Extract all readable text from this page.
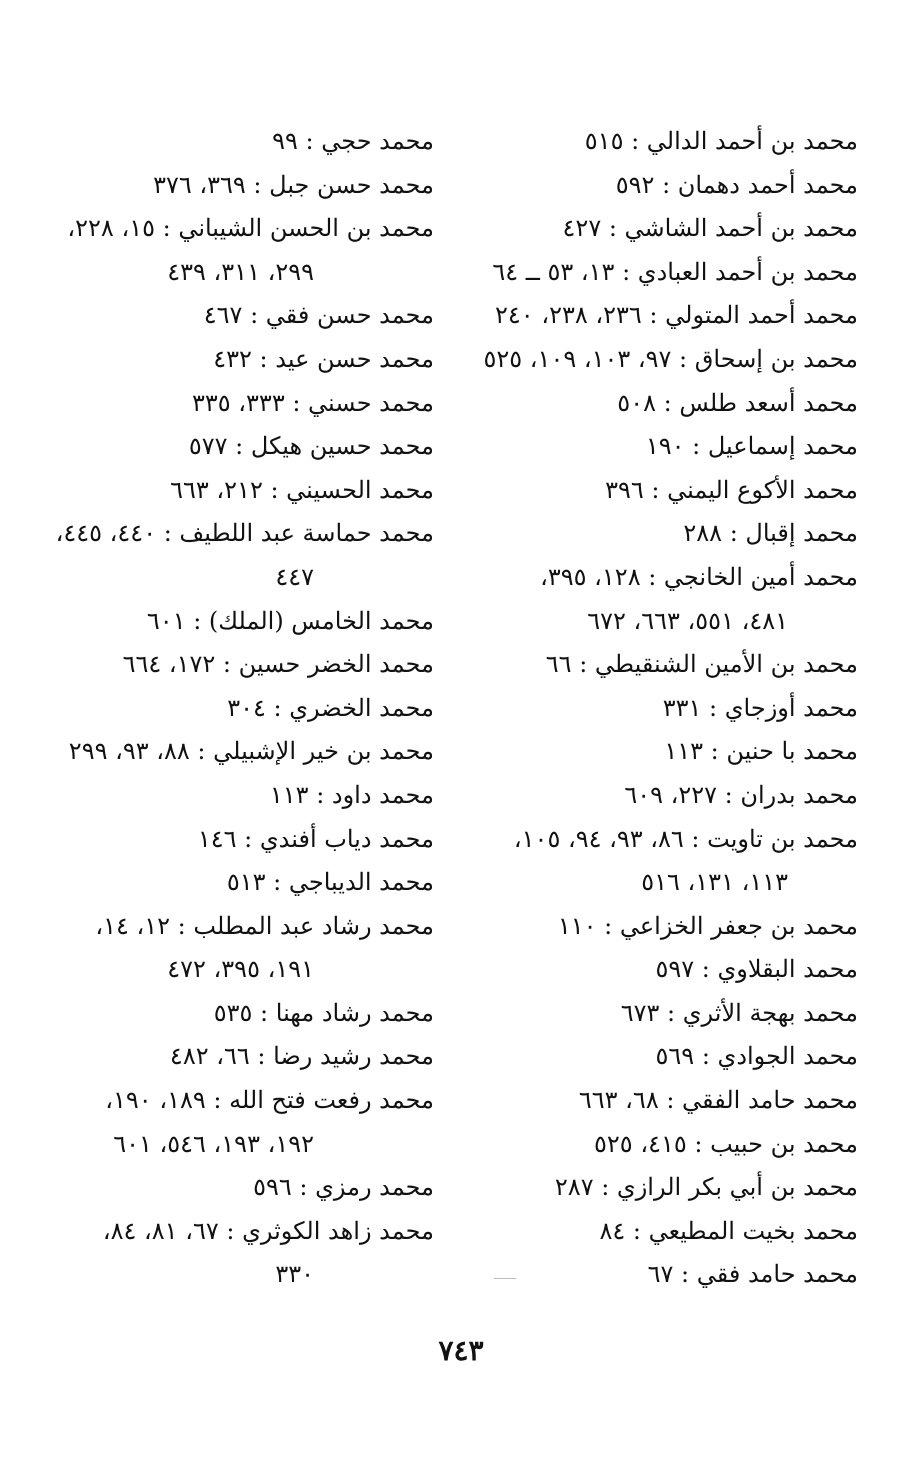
محمد بن أحمد الدالي : ٥١٥
محمد أحمد دهمان : ٥٩٢
محمد بن أحمد الشاشي : ٤٢٧
محمد بن أحمد العبادي : ١٣، ٥٣ ــ ٦٤
محمد أحمد المتولي : ٢٣٦، ٢٣٨، ٢٤٠
محمد بن إسحاق : ٩٧، ١٠٣، ١٠٩، ٥٢٥
محمد أسعد طلس : ٥٠٨
محمد إسماعيل : ١٩٠
محمد الأكوع اليمني : ٣٩٦
محمد إقبال : ٢٨٨
محمد أمين الخانجي : ١٢٨، ٣٩٥،
٤٨١، ٥٥١، ٦٦٣، ٦٧٢
محمد بن الأمين الشنقيطي : ٦٦
محمد أوزجاي : ٣٣١
محمد با حنين : ١١٣
محمد بدران : ٢٢٧، ٦٠٩
محمد بن تاويت : ٨٦، ٩٣، ٩٤، ١٠٥،
١١٣، ١٣١، ٥١٦
محمد بن جعفر الخزاعي : ١١٠
محمد البقلاوي : ٥٩٧
محمد بهجة الأثري : ٦٧٣
محمد الجوادي : ٥٦٩
محمد حامد الفقي : ٦٨، ٦٦٣
محمد بن حبيب : ٤١٥، ٥٢٥
محمد بن أبي بكر الرازي : ٢٨٧
محمد بخيت المطيعي : ٨٤
محمد حامد فقي : ٦٧
محمد حجي : ٩٩
محمد حسن جبل : ٣٦٩، ٣٧٦
محمد بن الحسن الشيباني : ١٥، ٢٢٨،
٢٩٩، ٣١١، ٤٣٩
محمد حسن فقي : ٤٦٧
محمد حسن عيد : ٤٣٢
محمد حسني : ٣٣٣، ٣٣٥
محمد حسين هيكل : ٥٧٧
محمد الحسيني : ٢١٢، ٦٦٣
محمد حماسة عبد اللطيف : ٤٤٠، ٤٤٥،
٤٤٧
محمد الخامس (الملك) : ٦٠١
محمد الخضر حسين : ١٧٢، ٦٦٤
محمد الخضري : ٣٠٤
محمد بن خير الإشبيلي : ٨٨، ٩٣، ٢٩٩
محمد داود : ١١٣
محمد دياب أفندي : ١٤٦
محمد الديباجي : ٥١٣
محمد رشاد عبد المطلب : ١٢، ١٤،
١٩١، ٣٩٥، ٤٧٢
محمد رشاد مهنا : ٥٣٥
محمد رشيد رضا : ٦٦، ٤٨٢
محمد رفعت فتح الله : ١٨٩، ١٩٠،
١٩٢، ١٩٣، ٥٤٦، ٦٠١
محمد رمزي : ٥٩٦
محمد زاهد الكوثري : ٦٧، ٨١، ٨٤،
٣٣٠
٧٤٣
